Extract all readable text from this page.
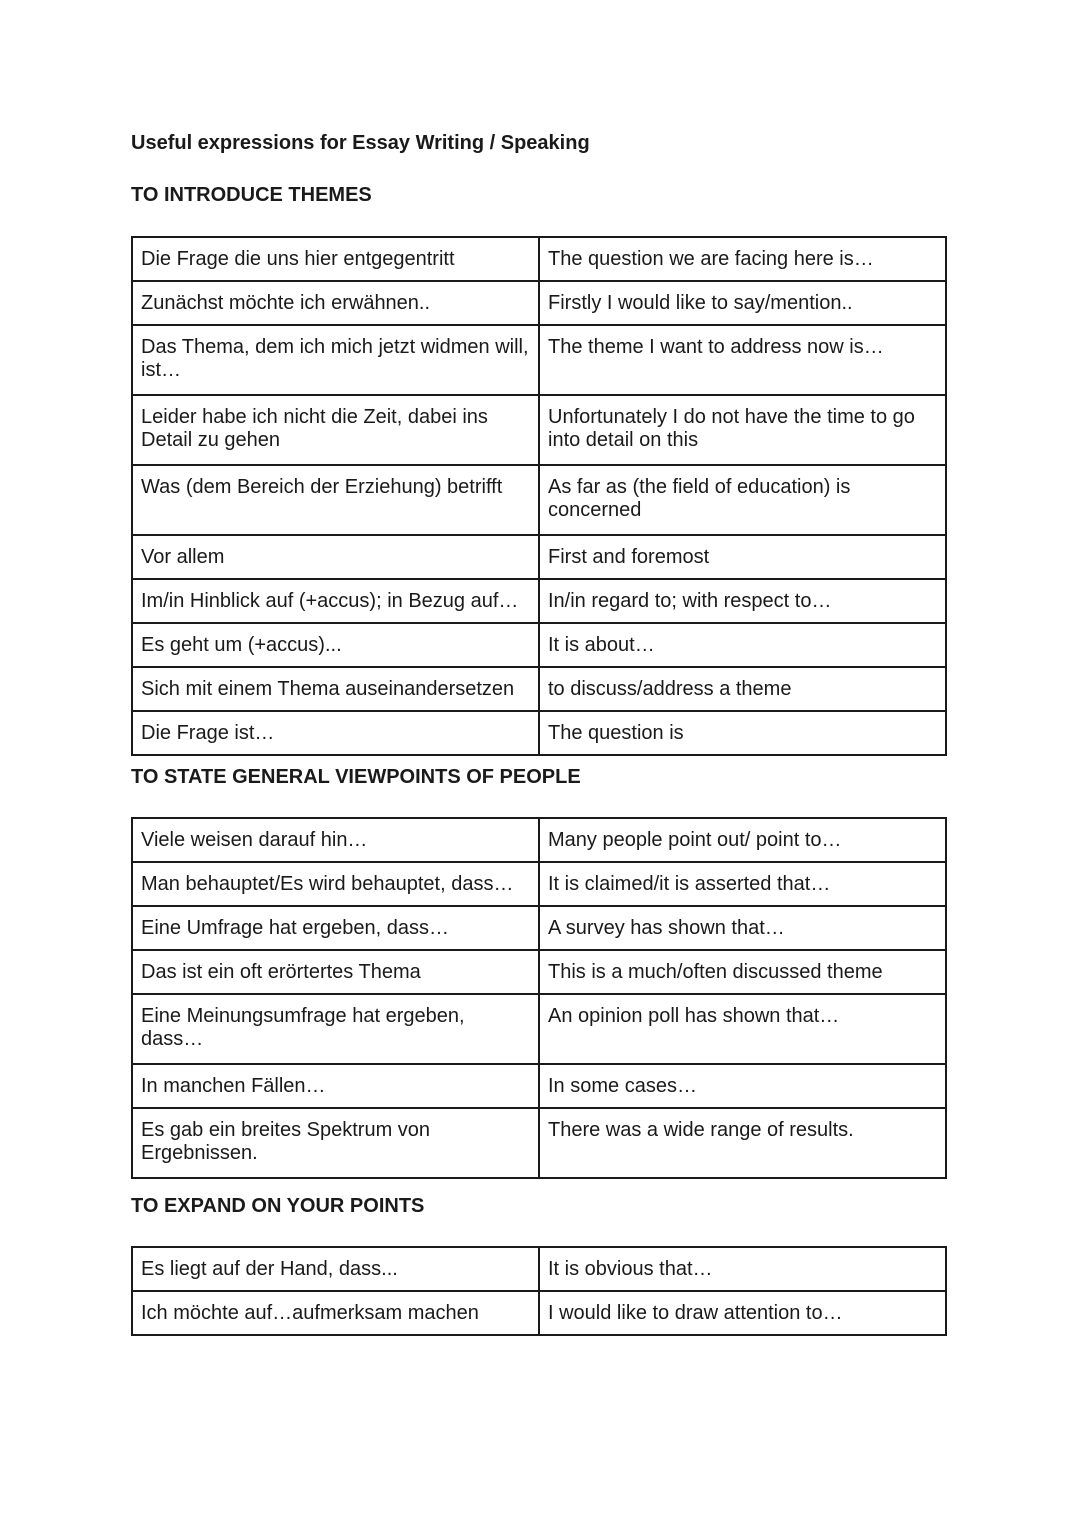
Useful expressions for Essay Writing / Speaking
TO INTRODUCE THEMES
Die Frage die uns hier entgegentritt	The question we are facing here is…
Zunächst möchte ich erwähnen..	Firstly I would like to say/mention..
Das Thema, dem ich mich jetzt widmen will, ist…	The theme I want to address now is…
Leider habe ich nicht die Zeit, dabei ins Detail zu gehen	Unfortunately I do not have the time to go into detail on this
Was (dem Bereich der Erziehung) betrifft	As far as (the field of education) is concerned
Vor allem	First and foremost
Im/in Hinblick auf (+accus); in Bezug auf…	In/in regard to; with respect to…
Es geht um (+accus)...	It is about…
Sich mit einem Thema auseinandersetzen	to discuss/address a theme
Die Frage ist…	The question is
TO STATE GENERAL VIEWPOINTS OF PEOPLE
Viele weisen darauf hin…	Many people point out/ point to…
Man behauptet/Es wird behauptet, dass…	It is claimed/it is asserted that…
Eine Umfrage hat ergeben, dass…	A survey has shown that…
Das ist ein oft erörtertes Thema	This is a much/often discussed theme
Eine Meinungsumfrage hat ergeben, dass…	An opinion poll has shown that…
In manchen Fällen…	In some cases…
Es gab ein breites Spektrum von Ergebnissen.	There was a wide range of results.
TO EXPAND ON YOUR POINTS
Es liegt auf der Hand, dass...	It is obvious that…
Ich möchte auf…aufmerksam machen	I would like to draw attention to…
